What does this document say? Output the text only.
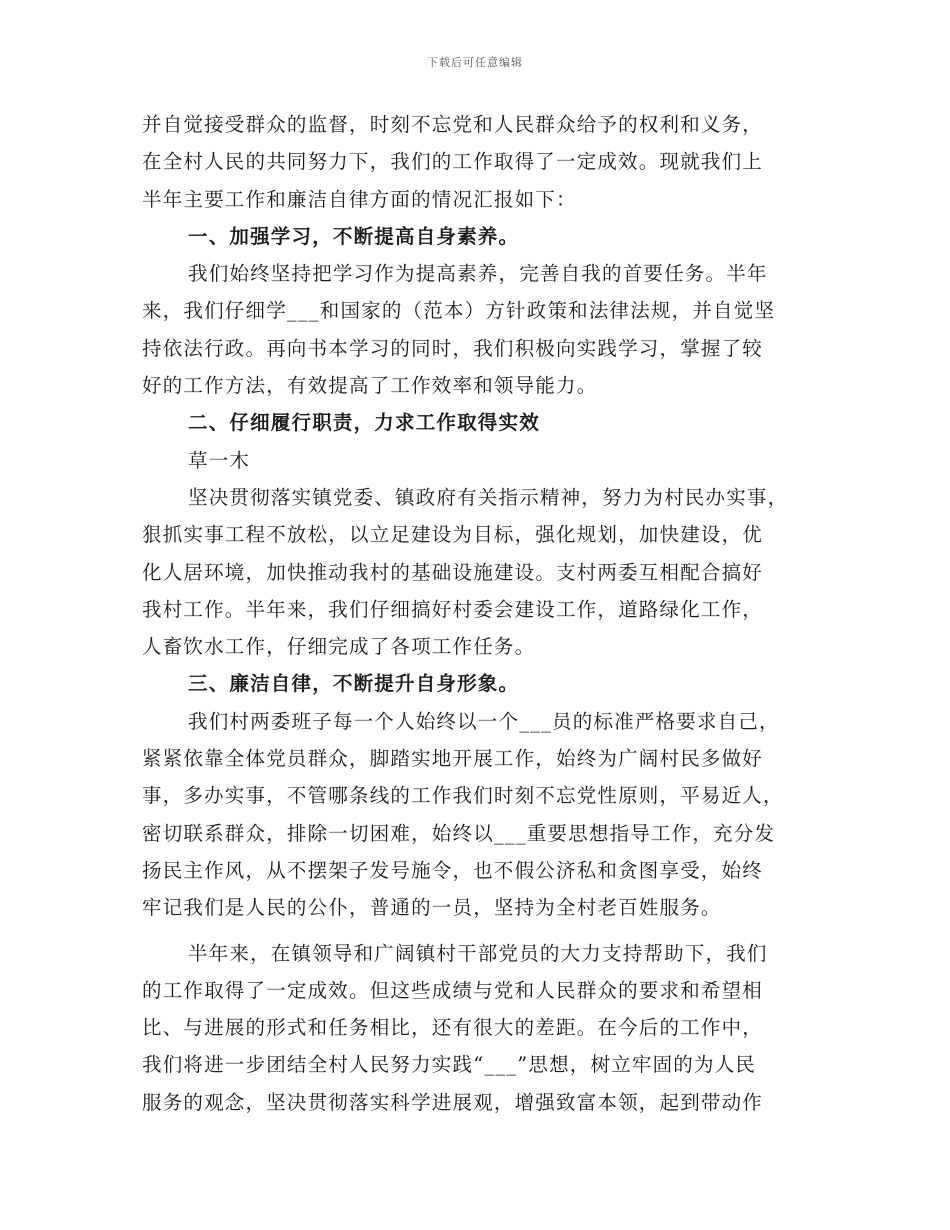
下载后可任意编辑
并自觉接受群众的监督，时刻不忘党和人民群众给予的权利和义务，
在全村人民的共同努力下，我们的工作取得了一定成效。现就我们上
半年主要工作和廉洁自律方面的情况汇报如下：
一、加强学习，不断提高自身素养。
我们始终坚持把学习作为提高素养，完善自我的首要任务。半年
来，我们仔细学___和国家的（范本）方针政策和法律法规，并自觉坚
持依法行政。再向书本学习的同时，我们积极向实践学习，掌握了较
好的工作方法，有效提高了工作效率和领导能力。
二、仔细履行职责，力求工作取得实效
草一木
坚决贯彻落实镇党委、镇政府有关指示精神，努力为村民办实事，
狠抓实事工程不放松，以立足建设为目标，强化规划，加快建设，优
化人居环境，加快推动我村的基础设施建设。支村两委互相配合搞好
我村工作。半年来，我们仔细搞好村委会建设工作，道路绿化工作，
人畜饮水工作，仔细完成了各项工作任务。
三、廉洁自律，不断提升自身形象。
我们村两委班子每一个人始终以一个___员的标准严格要求自己，
紧紧依靠全体党员群众，脚踏实地开展工作，始终为广阔村民多做好
事，多办实事，不管哪条线的工作我们时刻不忘党性原则，平易近人，
密切联系群众，排除一切困难，始终以___重要思想指导工作，充分发
扬民主作风，从不摆架子发号施令，也不假公济私和贪图享受，始终
牢记我们是人民的公仆，普通的一员，坚持为全村老百姓服务。
半年来，在镇领导和广阔镇村干部党员的大力支持帮助下，我们
的工作取得了一定成效。但这些成绩与党和人民群众的要求和希望相
比、与进展的形式和任务相比，还有很大的差距。在今后的工作中，
我们将进一步团结全村人民努力实践“___”思想，树立牢固的为人民
服务的观念，坚决贯彻落实科学进展观，增强致富本领，起到带动作
